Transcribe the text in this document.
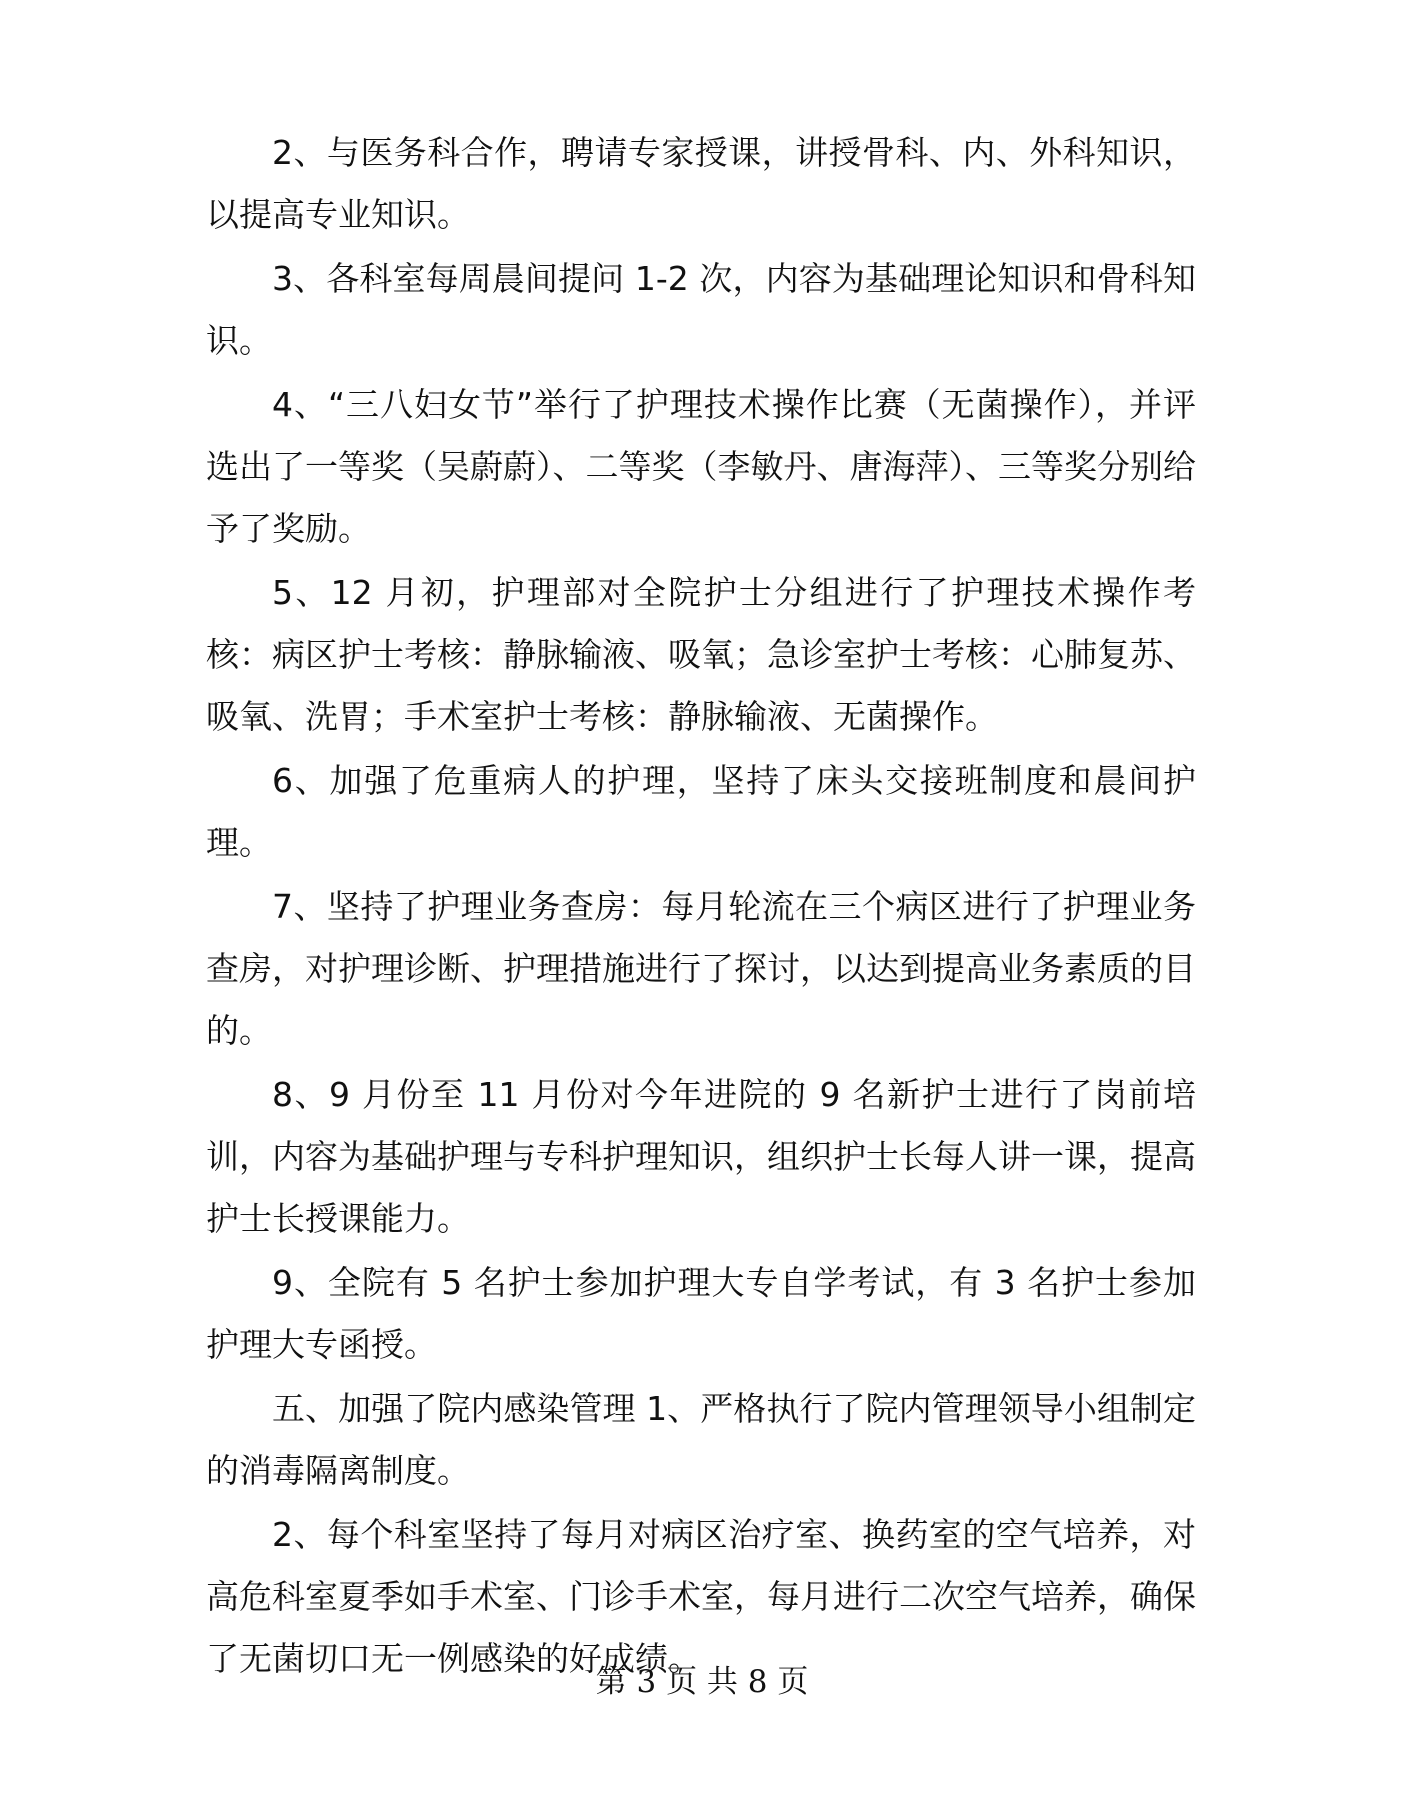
2、与医务科合作，聘请专家授课，讲授骨科、内、外科知识，以提高专业知识。

3、各科室每周晨间提问 1-2 次，内容为基础理论知识和骨科知识。

4、“三八妇女节”举行了护理技术操作比赛（无菌操作），并评选出了一等奖（吴蔚蔚）、二等奖（李敏丹、唐海萍）、三等奖分别给予了奖励。

5、12 月初，护理部对全院护士分组进行了护理技术操作考核：病区护士考核：静脉输液、吸氧；急诊室护士考核：心肺复苏、吸氧、洗胃；手术室护士考核：静脉输液、无菌操作。

6、加强了危重病人的护理，坚持了床头交接班制度和晨间护理。

7、坚持了护理业务查房：每月轮流在三个病区进行了护理业务查房，对护理诊断、护理措施进行了探讨，以达到提高业务素质的目的。

8、9 月份至 11 月份对今年进院的 9 名新护士进行了岗前培训，内容为基础护理与专科护理知识，组织护士长每人讲一课，提高护士长授课能力。

9、全院有 5 名护士参加护理大专自学考试，有 3 名护士参加护理大专函授。

五、加强了院内感染管理 1、严格执行了院内管理领导小组制定的消毒隔离制度。

2、每个科室坚持了每月对病区治疗室、换药室的空气培养，对高危科室夏季如手术室、门诊手术室，每月进行二次空气培养，确保了无菌切口无一例感染的好成绩。

第 3 页 共 8 页
